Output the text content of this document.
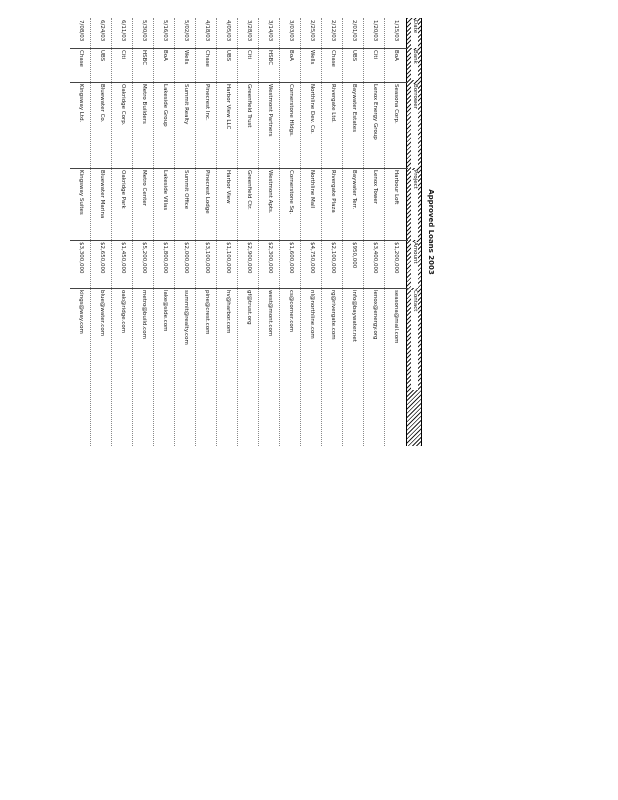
Approved Loans 2003
Date
Bank
Borrower
Project
Amount
Contact
1/15/03
BoA
Seasona Corp.
Harbour Loft
$1,200,000
seasona@mail.com
1/20/03
Citi
Lenox Energy Group
Lenox Tower
$3,400,000
lenox@energy.org
2/01/03
UBS
Baywater Estates
Baywater Terr.
$950,000
info@baywater.net
2/12/03
Chase
Rivergate Ltd.
Rivergate Plaza
$2,100,000
rg@rivergate.com
2/25/03
Wells
Northline Dev. Co.
Northline Mall
$4,750,000
nl@northline.com
3/03/03
BoA
Cornerstone Hldgs.
Cornerstone Sq.
$1,600,000
cs@corner.com
3/14/03
HSBC
Westmont Partners
Westmont Apts.
$2,300,000
west@mont.com
3/28/03
Citi
Greenfield Trust
Greenfield Ctr.
$2,900,000
gf@trust.org
4/05/03
UBS
Harbor View LLC
Harbor View
$1,100,000
hv@harbor.com
4/18/03
Chase
Pinecrest Inc.
Pinecrest Lodge
$3,100,000
pine@crest.com
5/02/03
Wells
Summit Realty
Summit Office
$2,000,000
summit@realty.com
5/16/03
BoA
Lakeside Group
Lakeside Villas
$1,800,000
lake@side.com
5/30/03
HSBC
Metro Builders
Metro Center
$5,200,000
metro@build.com
6/11/03
Citi
Oakridge Corp.
Oakridge Park
$1,450,000
oak@ridge.com
6/24/03
UBS
Bluewater Co.
Bluewater Marina
$2,650,000
blue@water.com
7/08/03
Chase
Kingsway Ltd.
Kingsway Suites
$3,300,000
kings@way.com
